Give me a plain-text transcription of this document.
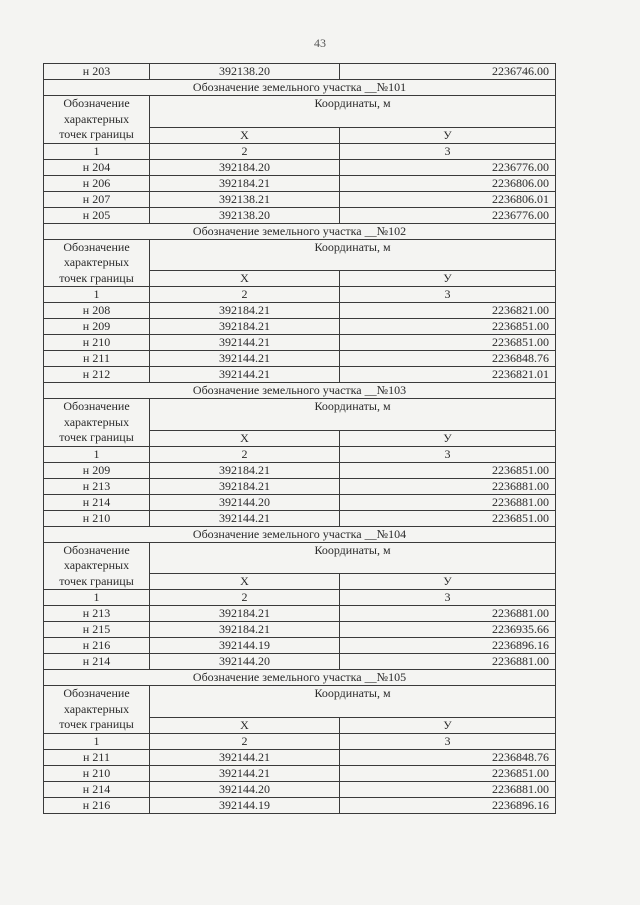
43
н 203	392138.20	2236746.00
Обозначение земельного участка __№101		

Обозначение
характерных
точек границы	Координаты, м	

	X	У
1	2	3
н 204	392184.20	2236776.00
н 206	392184.21	2236806.00
н 207	392138.21	2236806.01
н 205	392138.20	2236776.00
Обозначение земельного участка __№102		

Обозначение
характерных
точек границы	Координаты, м	

	X	У
1	2	3
н 208	392184.21	2236821.00
н 209	392184.21	2236851.00
н 210	392144.21	2236851.00
н 211	392144.21	2236848.76
н 212	392144.21	2236821.01
Обозначение земельного участка __№103		

Обозначение
характерных
точек границы	Координаты, м	

	X	У
1	2	3
н 209	392184.21	2236851.00
н 213	392184.21	2236881.00
н 214	392144.20	2236881.00
н 210	392144.21	2236851.00
Обозначение земельного участка __№104		

Обозначение
характерных
точек границы	Координаты, м	

	X	У
1	2	3
н 213	392184.21	2236881.00
н 215	392184.21	2236935.66
н 216	392144.19	2236896.16
н 214	392144.20	2236881.00
Обозначение земельного участка __№105		

Обозначение
характерных
точек границы	Координаты, м	

	X	У
1	2	3
н 211	392144.21	2236848.76
н 210	392144.21	2236851.00
н 214	392144.20	2236881.00
н 216	392144.19	2236896.16
